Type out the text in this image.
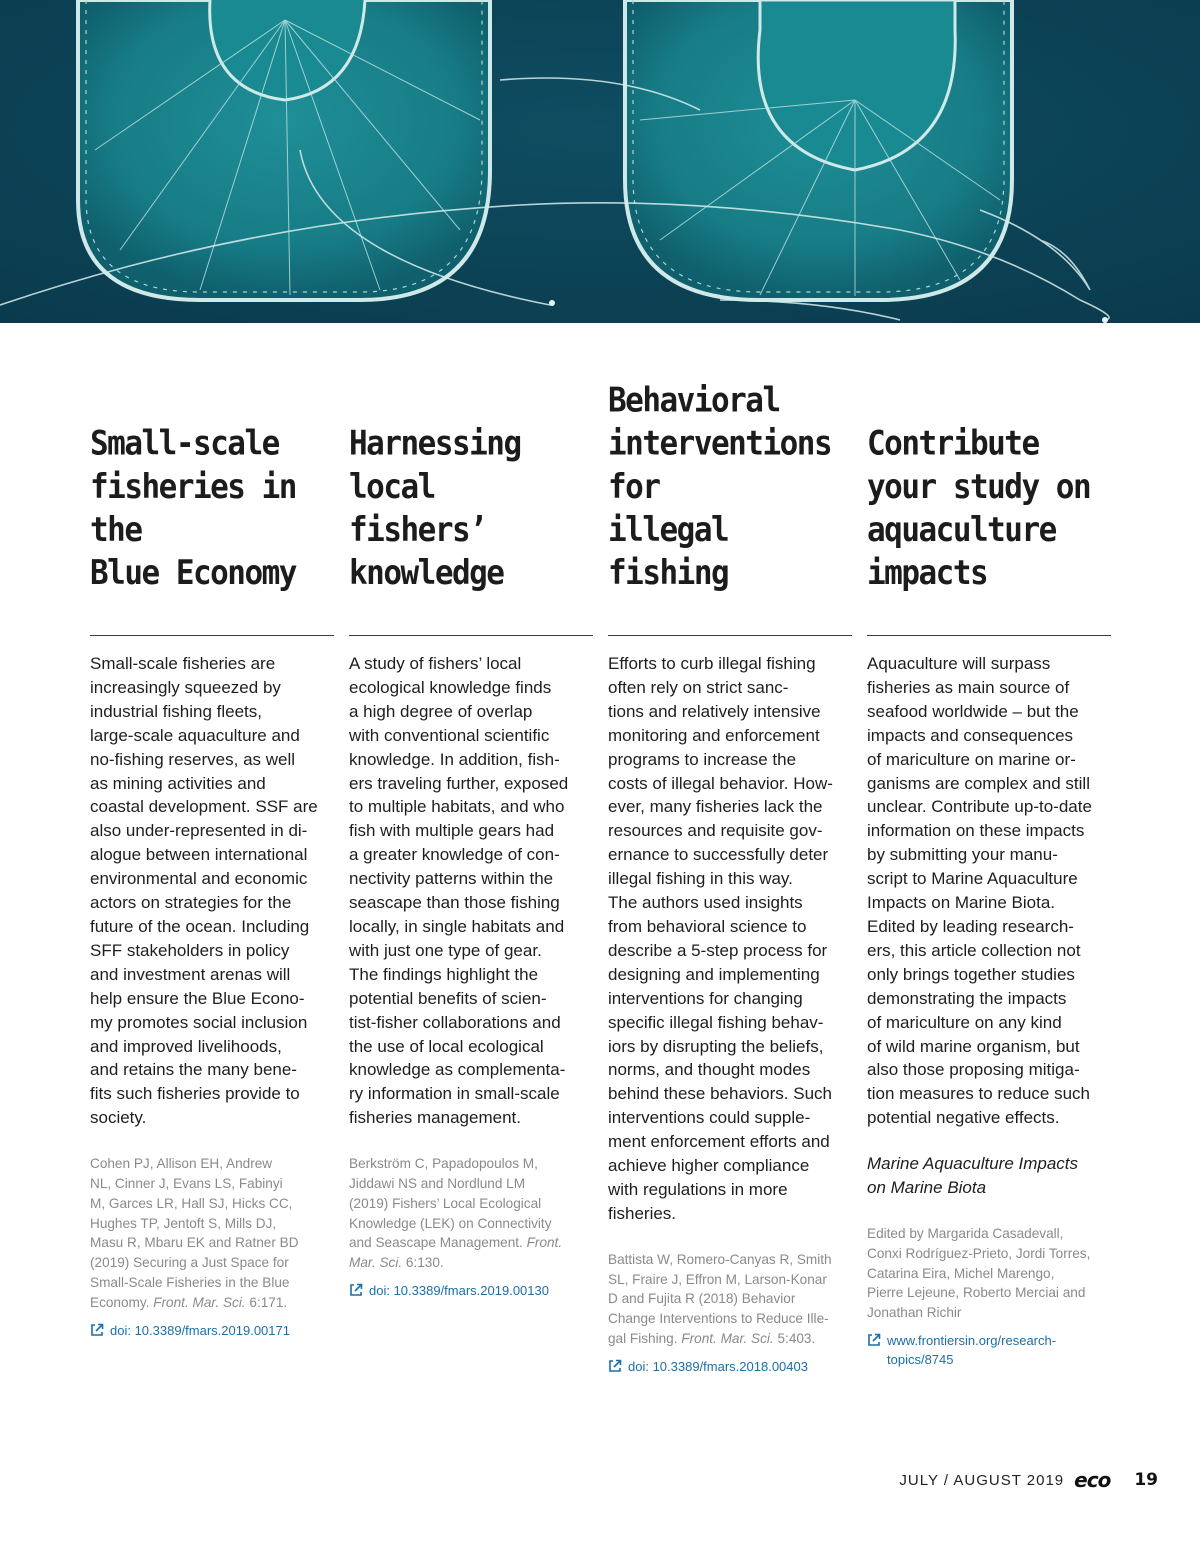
Small-scale
fisheries in the
Blue Economy
Small-scale fisheries are
increasingly squeezed by
industrial fishing fleets,
large-scale aquaculture and
no-fishing reserves, as well
as mining activities and
coastal development. SSF are
also under-represented in di-
alogue between international
environmental and economic
actors on strategies for the
future of the ocean. Including
SFF stakeholders in policy
and investment arenas will
help ensure the Blue Econo-
my promotes social inclusion
and improved livelihoods,
and retains the many bene-
fits such fisheries provide to
society.
Cohen PJ, Allison EH, Andrew
NL, Cinner J, Evans LS, Fabinyi
M, Garces LR, Hall SJ, Hicks CC,
Hughes TP, Jentoft S, Mills DJ,
Masu R, Mbaru EK and Ratner BD
(2019) Securing a Just Space for
Small-Scale Fisheries in the Blue
Economy. Front. Mar. Sci. 6:171.
doi: 10.3389/fmars.2019.00171
Harnessing local
fishers’ knowledge
A study of fishers’ local
ecological knowledge finds
a high degree of overlap
with conventional scientific
knowledge. In addition, fish-
ers traveling further, exposed
to multiple habitats, and who
fish with multiple gears had
a greater knowledge of con-
nectivity patterns within the
seascape than those fishing
locally, in single habitats and
with just one type of gear.
The findings highlight the
potential benefits of scien-
tist-fisher collaborations and
the use of local ecological
knowledge as complementa-
ry information in small-scale
fisheries management.
Berkström C, Papadopoulos M,
Jiddawi NS and Nordlund LM
(2019) Fishers’ Local Ecological
Knowledge (LEK) on Connectivity
and Seascape Management. Front.
Mar. Sci. 6:130.
doi: 10.3389/fmars.2019.00130
Behavioral
interventions for
illegal fishing
Efforts to curb illegal fishing
often rely on strict sanc-
tions and relatively intensive
monitoring and enforcement
programs to increase the
costs of illegal behavior. How-
ever, many fisheries lack the
resources and requisite gov-
ernance to successfully deter
illegal fishing in this way.
The authors used insights
from behavioral science to
describe a 5-step process for
designing and implementing
interventions for changing
specific illegal fishing behav-
iors by disrupting the beliefs,
norms, and thought modes
behind these behaviors. Such
interventions could supple-
ment enforcement efforts and
achieve higher compliance
with regulations in more
fisheries.
Battista W, Romero-Canyas R, Smith
SL, Fraire J, Effron M, Larson-Konar
D and Fujita R (2018) Behavior
Change Interventions to Reduce Ille-
gal Fishing. Front. Mar. Sci. 5:403.
doi: 10.3389/fmars.2018.00403
Contribute
your study on
aquaculture
impacts
Aquaculture will surpass
fisheries as main source of
seafood worldwide – but the
impacts and consequences
of mariculture on marine or-
ganisms are complex and still
unclear. Contribute up-to-date
information on these impacts
by submitting your manu-
script to Marine Aquaculture
Impacts on Marine Biota.
Edited by leading research-
ers, this article collection not
only brings together studies
demonstrating the impacts
of mariculture on any kind
of wild marine organism, but
also those proposing mitiga-
tion measures to reduce such
potential negative effects.
Marine Aquaculture Impacts
on Marine Biota
Edited by Margarida Casadevall,
Conxi Rodríguez-Prieto, Jordi Torres,
Catarina Eira, Michel Marengo,
Pierre Lejeune, Roberto Merciai and
Jonathan Richir
www.frontiersin.org/research-
topics/8745
JULY / AUGUST 2019 eco 19
